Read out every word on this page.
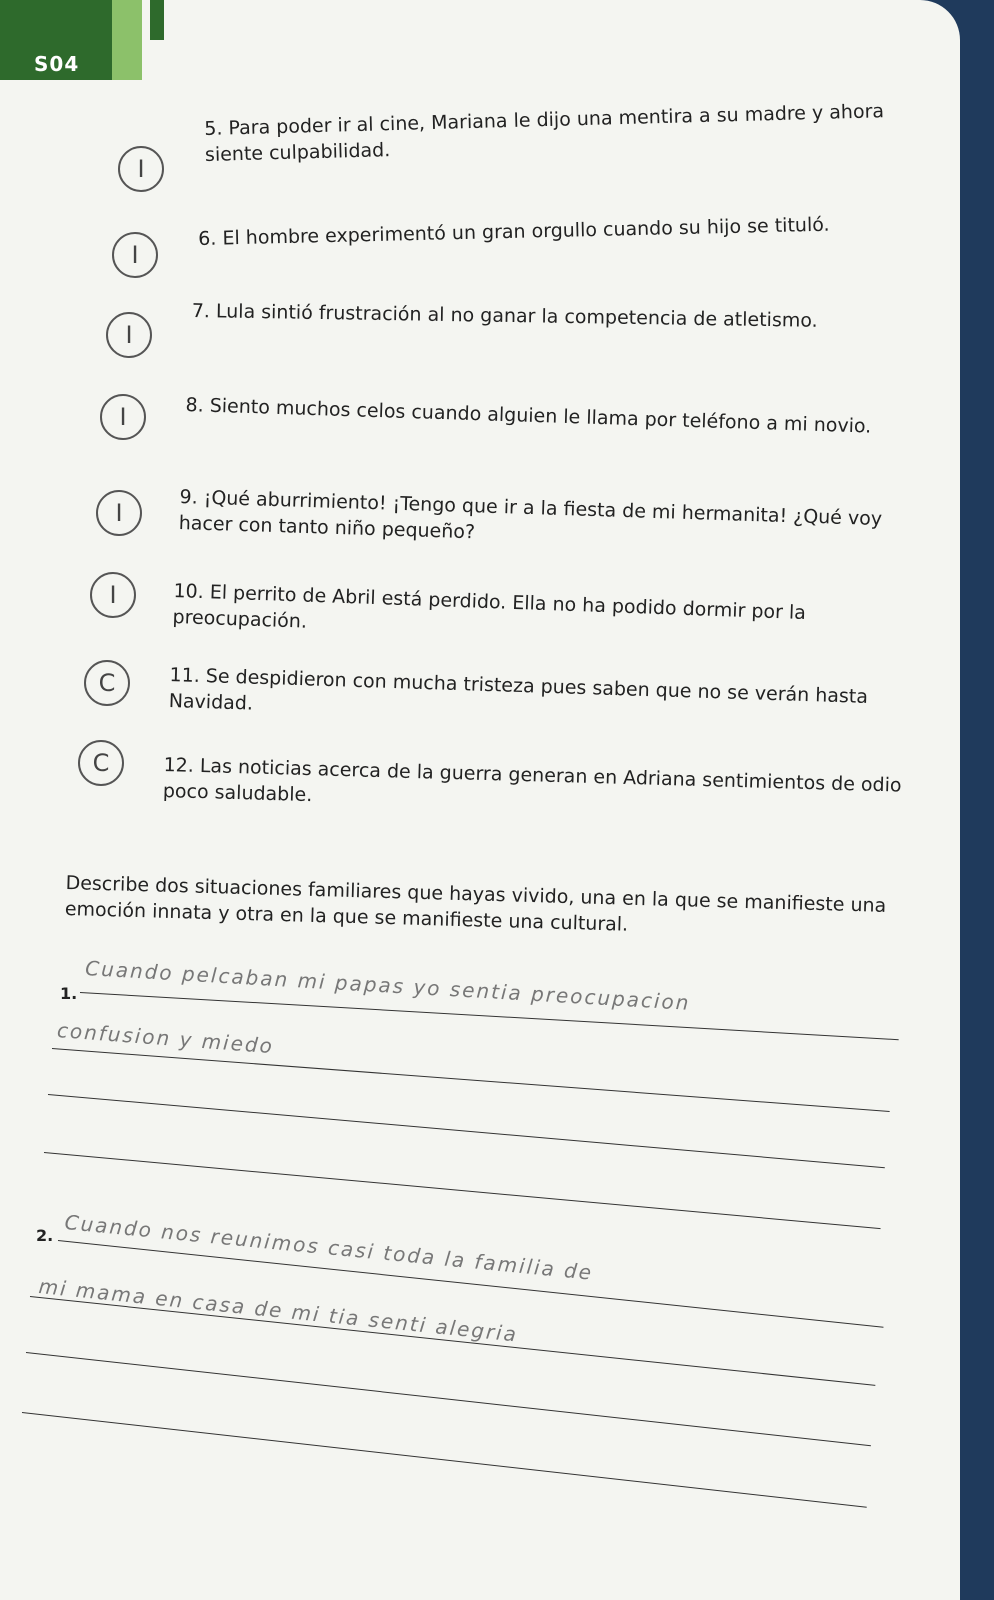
S04
I
5. Para poder ir al cine, Mariana le dijo una mentira a su madre y ahora siente culpabilidad.
I
6. El hombre experimentó un gran orgullo cuando su hijo se tituló.
I
7. Lula sintió frustración al no ganar la competencia de atletismo.
I	8. Siento muchos celos cuando alguien le llama por teléfono a mi novio.
I
9. ¡Qué aburrimiento! ¡Tengo que ir a la fiesta de mi hermanita! ¿Qué voy hacer con tanto niño pequeño?
I	10. El perrito de Abril está perdido. Ella no ha podido dormir por la preocupación.
C	11. Se despidieron con mucha tristeza pues saben que no se verán hasta Navidad.
C	12. Las noticias acerca de la guerra generan en Adriana sentimientos de odio poco saludable.
Describe dos situaciones familiares que hayas vivido, una en la que se manifieste una emoción innata y otra en la que se manifieste una cultural.
1. Cuando pelcaban mi papas yo sentia preocupacion
confusion y miedo
2. Cuando nos reunimos casi toda la familia de
mi mama en casa de mi tia senti alegria
